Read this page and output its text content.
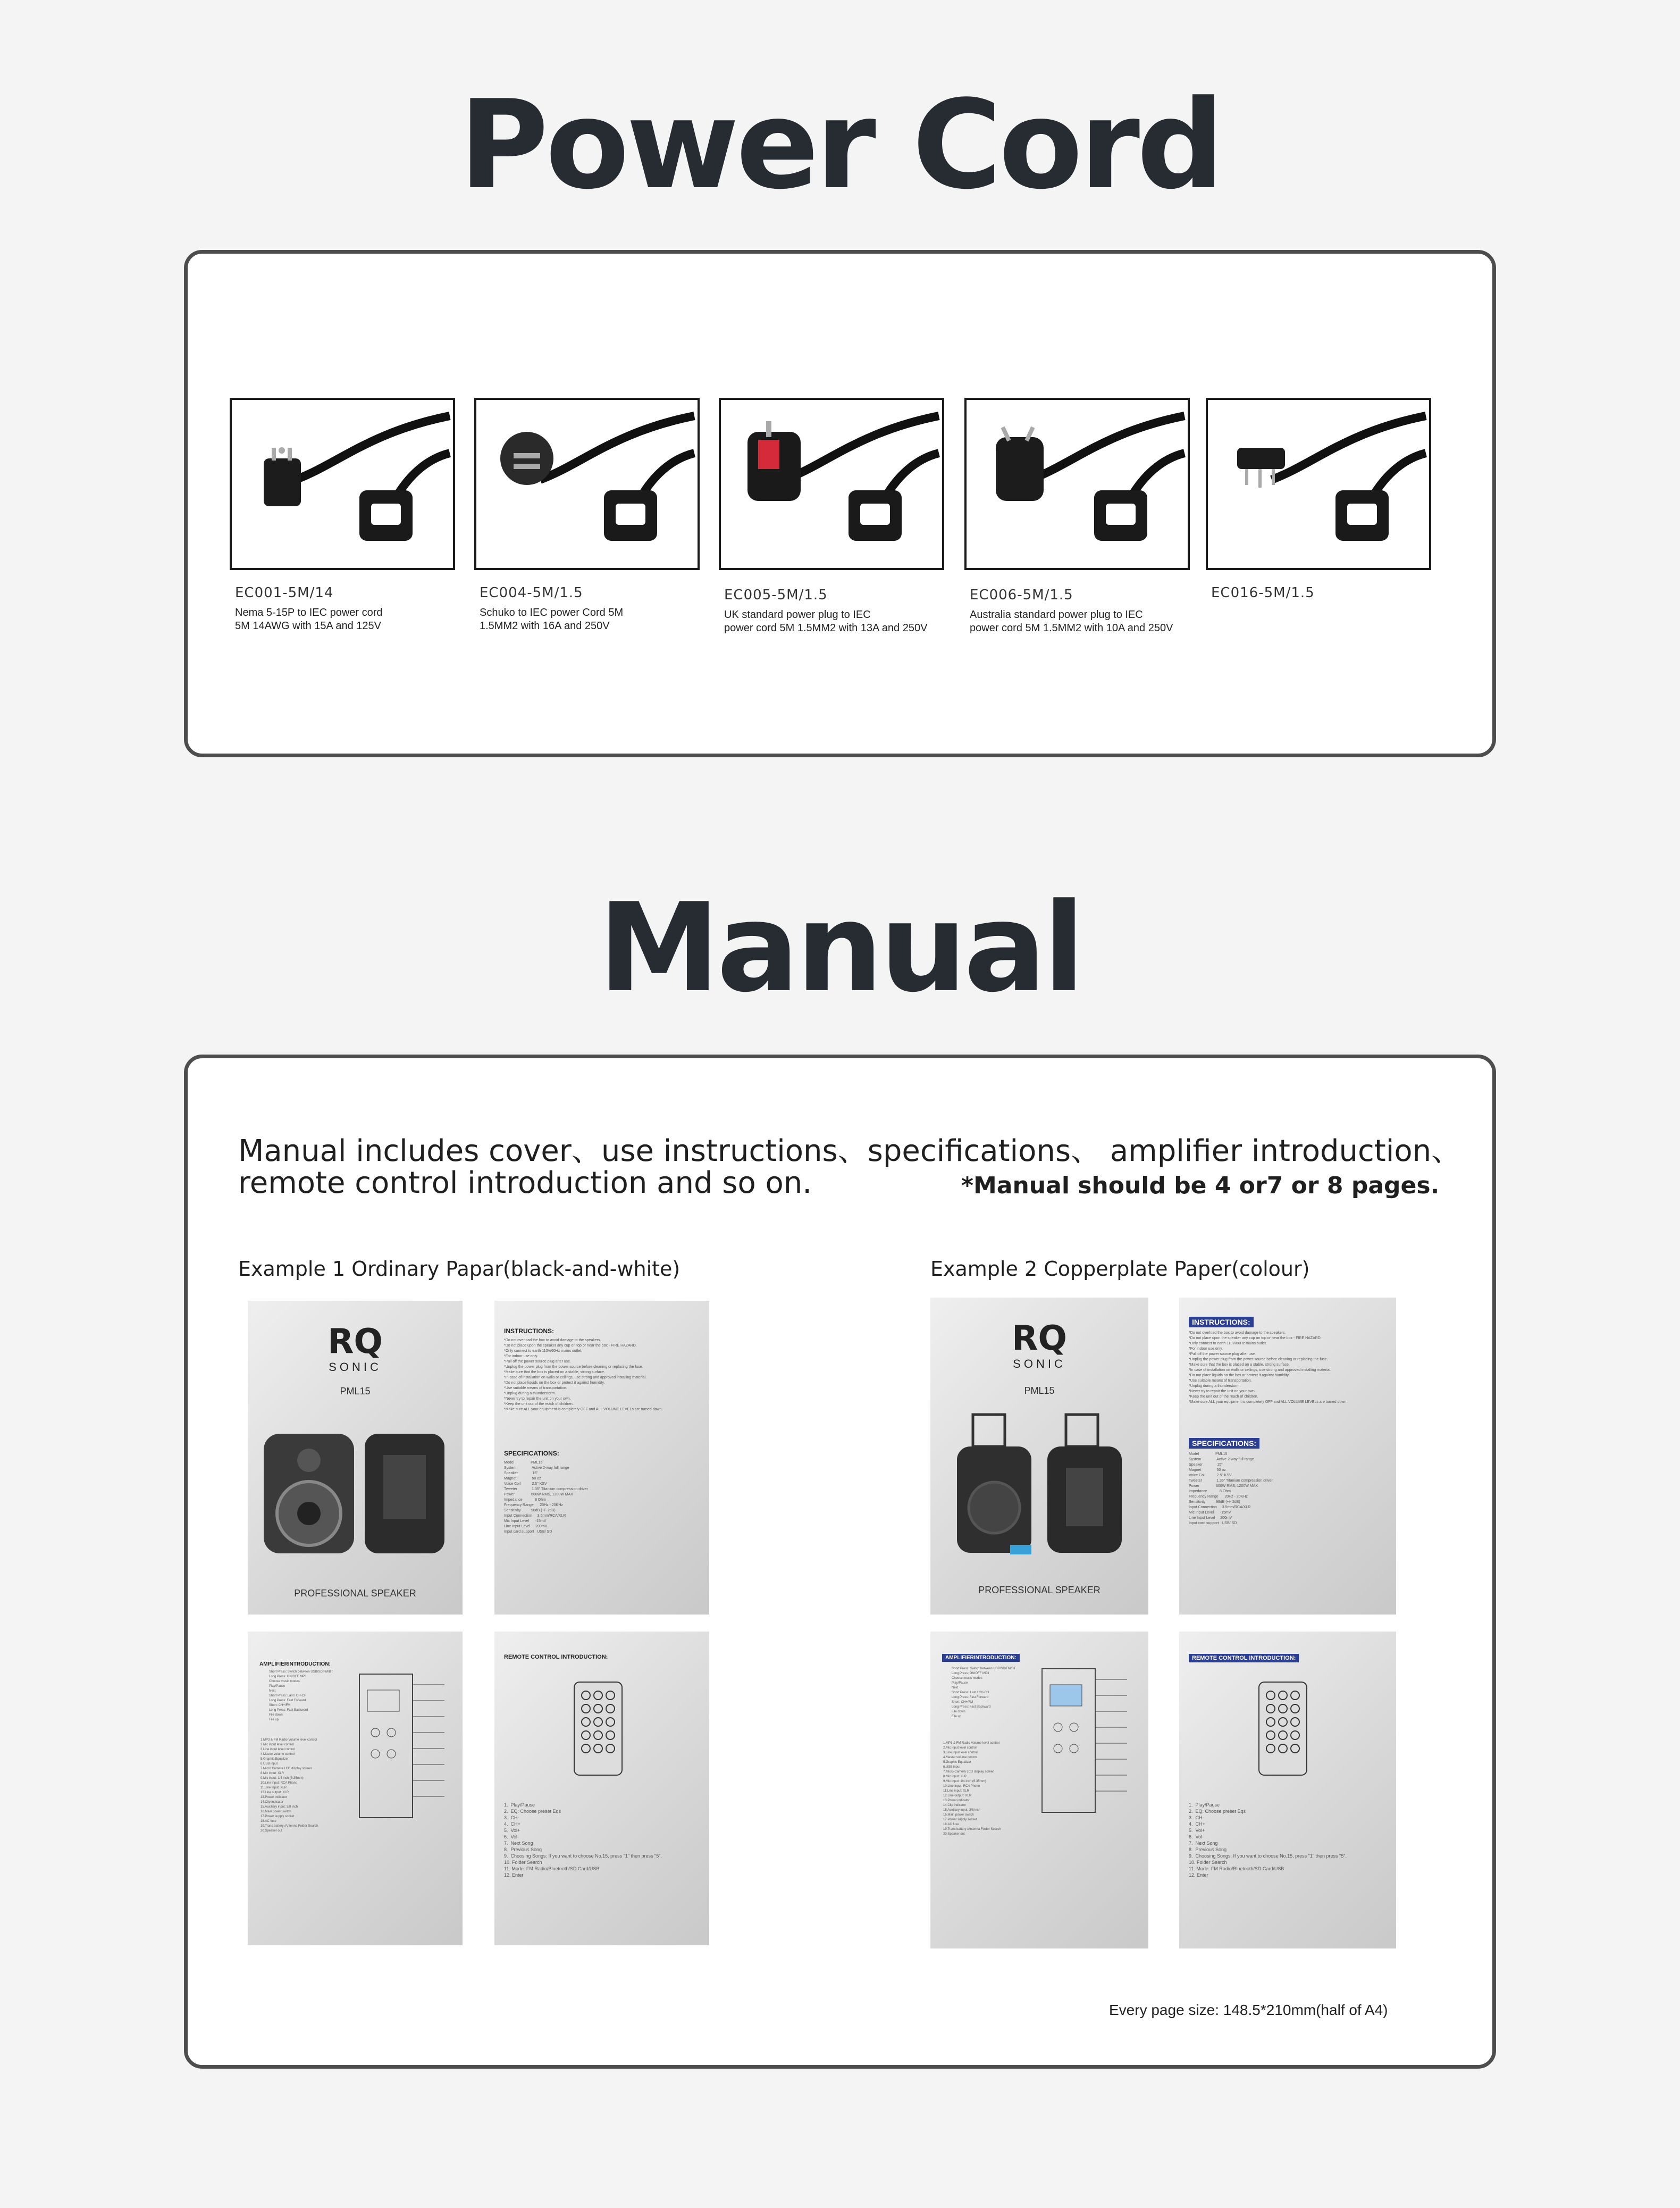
Power Cord
EC001-5M/14
Nema 5-15P to IEC power cord
5M 14AWG with 15A and 125V
EC004-5M/1.5
Schuko to IEC power Cord 5M
1.5MM2 with 16A and 250V
EC005-5M/1.5
UK standard power plug to IEC
power cord 5M 1.5MM2 with 13A and 250V
EC006-5M/1.5
Australia standard power plug to IEC
power cord 5M 1.5MM2 with 10A and 250V
EC016-5M/1.5
Manual
Manual includes cover、use instructions、specifications、 amplifier introduction、
remote control introduction and so on.	*Manual should be 4 or7 or 8 pages.
Example 1 Ordinary Papar(black-and-white)	Example 2 Copperplate Paper(colour)
RQ
SONIC
PML15
PROFESSIONAL SPEAKER
INSTRUCTIONS:
*Do not overload the box to avoid damage to the speakers.
*Do not place upon the speaker any cup on top or near the box - FIRE HAZARD.
*Only connect to earth 110V/60Hz mains outlet.
*For indoor use only.
*Pull off the power source plug after use.
*Unplug the power plug from the power source before cleaning or replacing the fuse.
*Make sure that the box is placed on a stable, strong surface.
*In case of installation on walls or ceilings, use strong and approved installing material.
*Do not place liquids on the box or protect it against humidity.
*Use suitable means of transportation.
*Unplug during a thunderstorm.
*Never try to repair the unit on your own.
*Keep the unit out of the reach of children.
*Make sure ALL your equipment is completely OFF and ALL VOLUME LEVELs are turned down.
SPECIFICATIONS:
Model                PML15
System               Active 2-way full range
Speaker              15"
Magnet               50 oz
Voice Coil           2.5" KSV
Tweeter              1.35" Titanium compression driver
Power                600W RMS, 1200W MAX
Impedance            8 Ohm
Frequency Range      20Hz - 20KHz
Sensitivity          98dB (+/- 2dB)
Input Connection     3.5mm/RCA/XLR
Mic Input Level      -15mV
Line Input Level     200mV
Input card support   USB/ SD
AMPLIFIERINTRODUCTION:
Short Press: Switch between USB/SD/FM/BT
Long Press: ON/OFF MP3
Choose music modes
Play/Pause
Next
Short Press: Last / CH-CH
Long Press: Fast Forward
Short: CH+/FM
Long Press: Fast Backward
File down
File up
1.MP3 & FM Radio Volume level control
2.Mic input level control
3.Line input level control
4.Master volume control
5.Graphic Equalizer
6.USB input
7.Micro Camera LCD display screen
8.Mic input: XLR
9.Mic input: 1/4 inch (6.35mm)
10.Line input: RCA Phono
11.Line input: XLR
12.Line output: XLR
13.Power indicator
14.Clip indicator
15.Auxiliary input: 3/8 inch
16.Main power switch
17.Power supply socket
18.AC fuse
19.Trans battery /Antenna Folder Search
20.Speaker out
REMOTE CONTROL INTRODUCTION:
1.  Play/Pause
2.  EQ: Choose preset Eqs
3.  CH-
4.  CH+
5.  Vol+
6.  Vol-
7.  Next Song
8.  Previous Song
9.  Choosing Songs: If you want to choose No.15, press "1" then press "5".
10. Folder Search
11. Mode: FM Radio/Bluetooth/SD Card/USB
12. Enter
RQ
SONIC
PML15
PROFESSIONAL SPEAKER
INSTRUCTIONS:
*Do not overload the box to avoid damage to the speakers.
*Do not place upon the speaker any cup on top or near the box - FIRE HAZARD.
*Only connect to earth 110V/60Hz mains outlet.
*For indoor use only.
*Pull off the power source plug after use.
*Unplug the power plug from the power source before cleaning or replacing the fuse.
*Make sure that the box is placed on a stable, strong surface.
*In case of installation on walls or ceilings, use strong and approved installing material.
*Do not place liquids on the box or protect it against humidity.
*Use suitable means of transportation.
*Unplug during a thunderstorm.
*Never try to repair the unit on your own.
*Keep the unit out of the reach of children.
*Make sure ALL your equipment is completely OFF and ALL VOLUME LEVELs are turned down.
SPECIFICATIONS:
Model                PML15
System               Active 2-way full range
Speaker              15"
Magnet               50 oz
Voice Coil           2.5" KSV
Tweeter              1.35" Titanium compression driver
Power                600W RMS, 1200W MAX
Impedance            8 Ohm
Frequency Range      20Hz - 20KHz
Sensitivity          98dB (+/- 2dB)
Input Connection     3.5mm/RCA/XLR
Mic Input Level      -15mV
Line Input Level     200mV
Input card support   USB/ SD
AMPLIFIERINTRODUCTION:
Short Press: Switch between USB/SD/FM/BT
Long Press: ON/OFF MP3
Choose music modes
Play/Pause
Next
Short Press: Last / CH-CH
Long Press: Fast Forward
Short: CH+/FM
Long Press: Fast Backward
File down
File up
1.MP3 & FM Radio Volume level control
2.Mic input level control
3.Line input level control
4.Master volume control
5.Graphic Equalizer
6.USB input
7.Micro Camera LCD display screen
8.Mic input: XLR
9.Mic input: 1/4 inch (6.35mm)
10.Line input: RCA Phono
11.Line input: XLR
12.Line output: XLR
13.Power indicator
14.Clip indicator
15.Auxiliary input: 3/8 inch
16.Main power switch
17.Power supply socket
18.AC fuse
19.Trans battery /Antenna Folder Search
20.Speaker out
REMOTE CONTROL INTRODUCTION:
1.  Play/Pause
2.  EQ: Choose preset Eqs
3.  CH-
4.  CH+
5.  Vol+
6.  Vol-
7.  Next Song
8.  Previous Song
9.  Choosing Songs: If you want to choose No.15, press "1" then press "5".
10. Folder Search
11. Mode: FM Radio/Bluetooth/SD Card/USB
12. Enter
Every page size: 148.5*210mm(half of A4)
